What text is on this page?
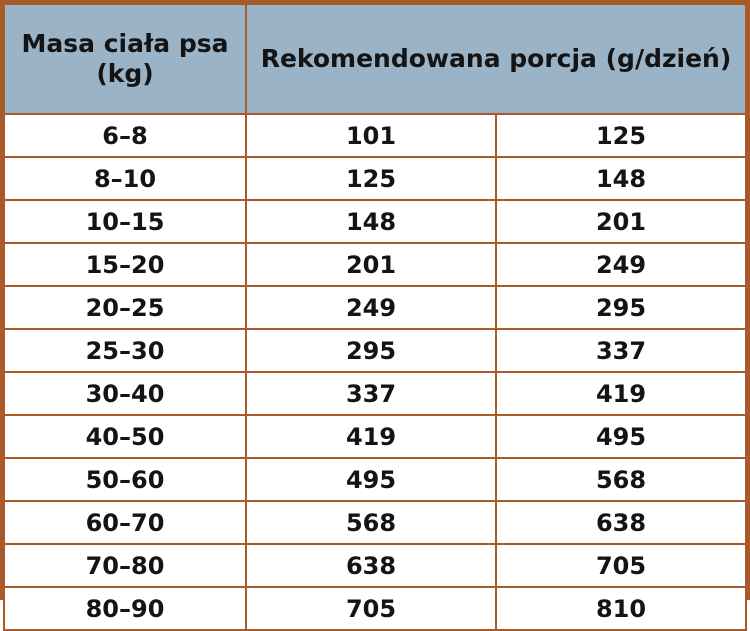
Masa ciała psa (kg)	Rekomendowana porcja (g/dzień)	
6–8	101	125
8–10	125	148
10–15	148	201
15–20	201	249
20–25	249	295
25–30	295	337
30–40	337	419
40–50	419	495
50–60	495	568
60–70	568	638
70–80	638	705
80–90	705	810
